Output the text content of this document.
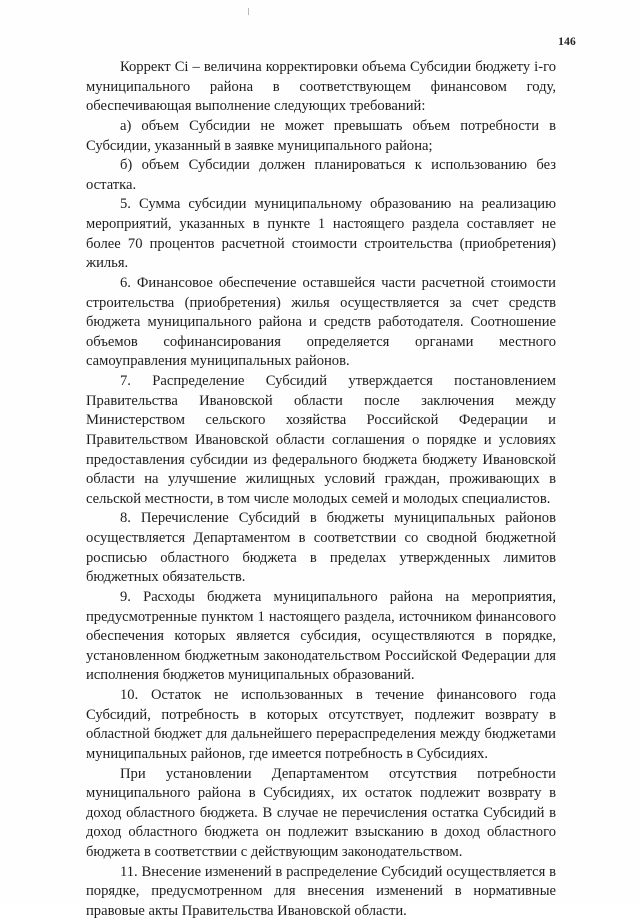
146

Коррект Ci – величина корректировки объема Субсидии бюджету i-го муниципального района в соответствующем финансовом году, обеспечивающая выполнение следующих требований:

а) объем Субсидии не может превышать объем потребности в Субсидии, указанный в заявке муниципального района;

б) объем Субсидии должен планироваться к использованию без остатка.

5. Сумма субсидии муниципальному образованию на реализацию мероприятий, указанных в пункте 1 настоящего раздела составляет не более 70 процентов расчетной стоимости строительства (приобретения) жилья.

6. Финансовое обеспечение оставшейся части расчетной стоимости строительства (приобретения) жилья осуществляется за счет средств бюджета муниципального района и средств работодателя. Соотношение объемов софинансирования определяется органами местного самоуправления муниципальных районов.

7. Распределение Субсидий утверждается постановлением Правительства Ивановской области после заключения между Министерством сельского хозяйства Российской Федерации и Правительством Ивановской области соглашения о порядке и условиях предоставления субсидии из федерального бюджета бюджету Ивановской области на улучшение жилищных условий граждан, проживающих в сельской местности, в том числе молодых семей и молодых специалистов.

8. Перечисление Субсидий в бюджеты муниципальных районов осуществляется Департаментом в соответствии со сводной бюджетной росписью областного бюджета в пределах утвержденных лимитов бюджетных обязательств.

9. Расходы бюджета муниципального района на мероприятия, предусмотренные пунктом 1 настоящего раздела, источником финансового обеспечения которых является субсидия, осуществляются в порядке, установленном бюджетным законодательством Российской Федерации для исполнения бюджетов муниципальных образований.

10. Остаток не использованных в течение финансового года Субсидий, потребность в которых отсутствует, подлежит возврату в областной бюджет для дальнейшего перераспределения между бюджетами муниципальных районов, где имеется потребность в Субсидиях.

При установлении Департаментом отсутствия потребности муниципального района в Субсидиях, их остаток подлежит возврату в доход областного бюджета. В случае не перечисления остатка Субсидий в доход областного бюджета он подлежит взысканию в доход областного бюджета в соответствии с действующим законодательством.

11. Внесение изменений в распределение Субсидий осуществляется в порядке, предусмотренном для внесения изменений в нормативные правовые акты Правительства Ивановской области.
